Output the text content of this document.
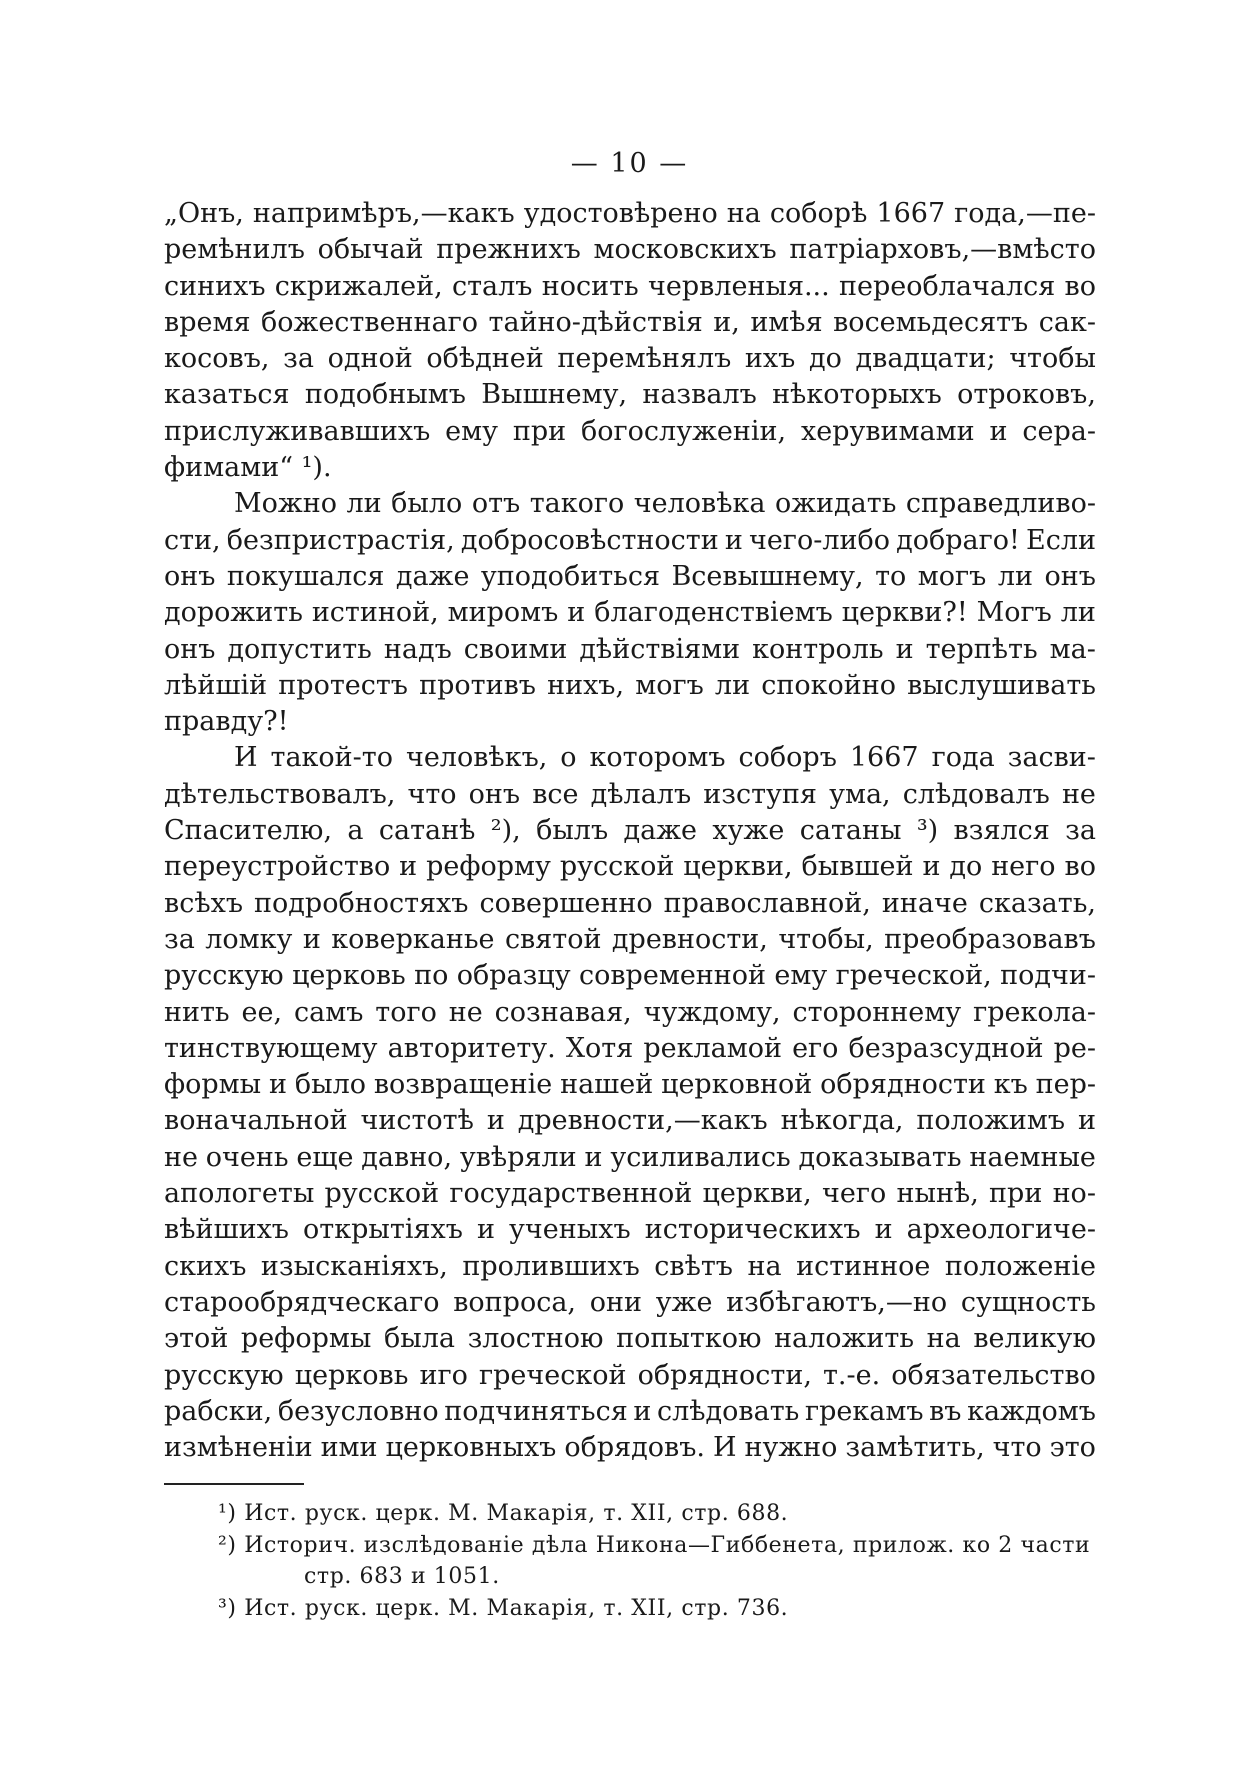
— 10 —
„Онъ, напримѣръ,—какъ удостовѣрено на соборѣ 1667 года,—пе-
ремѣнилъ обычай прежнихъ московскихъ патріарховъ,—вмѣсто
синихъ скрижалей, сталъ носить червленыя... переоблачался во
время божественнаго тайно-дѣйствія и, имѣя восемьдесятъ сак-
косовъ, за одной обѣдней перемѣнялъ ихъ до двадцати; чтобы
казаться подобнымъ Вышнему, назвалъ нѣкоторыхъ отроковъ,
прислуживавшихъ ему при богослуженіи, херувимами и сера-
фимами“ ¹).
Можно ли было отъ такого человѣка ожидать справедливо-
сти, безпристрастія, добросовѣстности и чего-либо добраго! Если
онъ покушался даже уподобиться Всевышнему, то могъ ли онъ
дорожить истиной, миромъ и благоденствіемъ церкви?! Могъ ли
онъ допустить надъ своими дѣйствіями контроль и терпѣть ма-
лѣйшій протестъ противъ нихъ, могъ ли спокойно выслушивать
правду?!
И такой-то человѣкъ, о которомъ соборъ 1667 года засви-
дѣтельствовалъ, что онъ все дѣлалъ изступя ума, слѣдовалъ не
Спасителю, а сатанѣ ²), былъ даже хуже сатаны ³) взялся за
переустройство и реформу русской церкви, бывшей и до него во
всѣхъ подробностяхъ совершенно православной, иначе сказать,
за ломку и коверканье святой древности, чтобы, преобразовавъ
русскую церковь по образцу современной ему греческой, подчи-
нить ее, самъ того не сознавая, чуждому, стороннему грекола-
тинствующему авторитету. Хотя рекламой его безразсудной ре-
формы и было возвращеніе нашей церковной обрядности къ пер-
воначальной чистотѣ и древности,—какъ нѣкогда, положимъ и
не очень еще давно, увѣряли и усиливались доказывать наемные
апологеты русской государственной церкви, чего нынѣ, при но-
вѣйшихъ открытіяхъ и ученыхъ историческихъ и археологиче-
скихъ изысканіяхъ, пролившихъ свѣтъ на истинное положеніе
старообрядческаго вопроса, они уже избѣгаютъ,—но сущность
этой реформы была злостною попыткою наложить на великую
русскую церковь иго греческой обрядности, т.-е. обязательство
рабски, безусловно подчиняться и слѣдовать грекамъ въ каждомъ
измѣненіи ими церковныхъ обрядовъ. И нужно замѣтить, что это
¹) Ист. руск. церк. М. Макарія, т. XII, стр. 688.
²) Историч. изслѣдованіе дѣла Никона—Гиббенета, прилож. ко 2 части
стр. 683 и 1051.
³) Ист. руск. церк. М. Макарія, т. XII, стр. 736.
